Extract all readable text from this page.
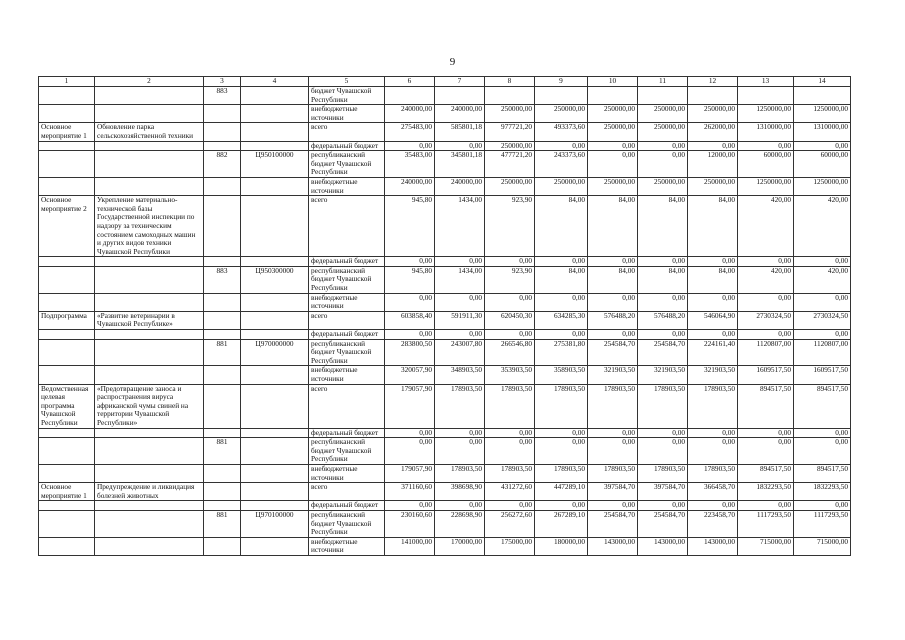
9
1	2	3	4	5	6	7	8	9	10	11	12	13	14
		883		бюджет Чувашской Республики									
				внебюджетные источники	240000,00	240000,00	250000,00	250000,00	250000,00	250000,00	250000,00	1250000,00	1250000,00
Основное мероприятие 1	Обновление парка сельскохозяйственной техники			всего	275483,00	585801,18	977721,20	493373,60	250000,00	250000,00	262000,00	1310000,00	1310000,00
				федеральный бюджет	0,00	0,00	250000,00	0,00	0,00	0,00	0,00	0,00	0,00
		882	Ц950100000	республиканский бюджет Чувашской Республики	35483,00	345801,18	477721,20	243373,60	0,00	0,00	12000,00	60000,00	60000,00
				внебюджетные источники	240000,00	240000,00	250000,00	250000,00	250000,00	250000,00	250000,00	1250000,00	1250000,00
Основное мероприятие 2	Укрепление материально-технической базы Государственной инспекции по надзору за техническим состоянием самоходных машин и других видов техники Чувашской Республики			всего	945,80	1434,00	923,90	84,00	84,00	84,00	84,00	420,00	420,00
				федеральный бюджет	0,00	0,00	0,00	0,00	0,00	0,00	0,00	0,00	0,00
		883	Ц950300000	республиканский бюджет Чувашской Республики	945,80	1434,00	923,90	84,00	84,00	84,00	84,00	420,00	420,00
				внебюджетные источники	0,00	0,00	0,00	0,00	0,00	0,00	0,00	0,00	0,00
Подпрограмма	«Развитие ветеринарии в Чувашской Республике»			всего	603858,40	591911,30	620450,30	634285,30	576488,20	576488,20	546064,90	2730324,50	2730324,50
				федеральный бюджет	0,00	0,00	0,00	0,00	0,00	0,00	0,00	0,00	0,00
		881	Ц970000000	республиканский бюджет Чувашской Республики	283800,50	243007,80	266546,80	275381,80	254584,70	254584,70	224161,40	1120807,00	1120807,00
				внебюджетные источники	320057,90	348903,50	353903,50	358903,50	321903,50	321903,50	321903,50	1609517,50	1609517,50
Ведомственная целевая программа Чувашской Республики	«Предотвращение заноса и распространения вируса африканской чумы свиней на территории Чувашской Республики»			всего	179057,90	178903,50	178903,50	178903,50	178903,50	178903,50	178903,50	894517,50	894517,50
				федеральный бюджет	0,00	0,00	0,00	0,00	0,00	0,00	0,00	0,00	0,00
		881		республиканский бюджет Чувашской Республики	0,00	0,00	0,00	0,00	0,00	0,00	0,00	0,00	0,00
				внебюджетные источники	179057,90	178903,50	178903,50	178903,50	178903,50	178903,50	178903,50	894517,50	894517,50
Основное мероприятие 1	Предупреждение и ликвидация болезней животных			всего	371160,60	398698,90	431272,60	447289,10	397584,70	397584,70	366458,70	1832293,50	1832293,50
				федеральный бюджет	0,00	0,00	0,00	0,00	0,00	0,00	0,00	0,00	0,00
		881	Ц970100000	республиканский бюджет Чувашской Республики	230160,60	228698,90	256272,60	267289,10	254584,70	254584,70	223458,70	1117293,50	1117293,50
				внебюджетные источники	141000,00	170000,00	175000,00	180000,00	143000,00	143000,00	143000,00	715000,00	715000,00
